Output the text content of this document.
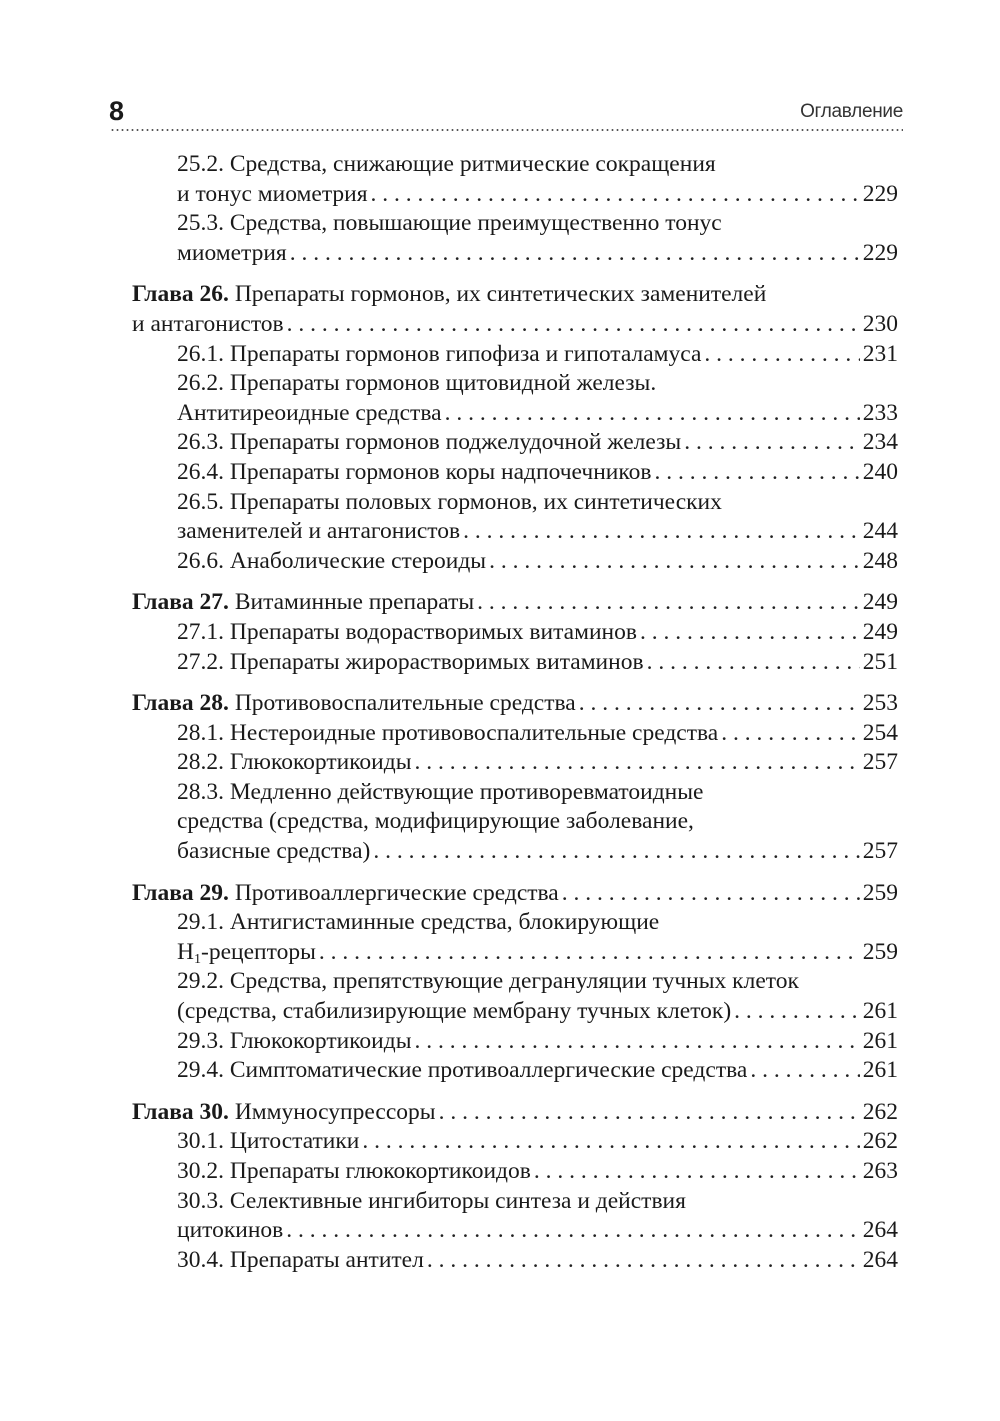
8	Оглавление
25.2. Средства, снижающие ритмические сокращения
и тонус миометрия . . .	229
25.3. Средства, повышающие преимущественно тонус
миометрия . . .	229
Глава 26. Препараты гормонов, их синтетических заменителей
и антагонистов . . .	230
26.1. Препараты гормонов гипофиза и гипоталамуса . . .	231
26.2. Препараты гормонов щитовидной железы.
Антитиреоидные средства . . .	233
26.3. Препараты гормонов поджелудочной железы . . .	234
26.4. Препараты гормонов коры надпочечников . . .	240
26.5. Препараты половых гормонов, их синтетических
заменителей и антагонистов . . .	244
26.6. Анаболические стероиды . . .	248
Глава 27. Витаминные препараты . . .	249
27.1. Препараты водорастворимых витаминов . . .	249
27.2. Препараты жирорастворимых витаминов . . .	251
Глава 28. Противовоспалительные средства . . .	253
28.1. Нестероидные противовоспалительные средства . . .	254
28.2. Глюкокортикоиды . . .	257
28.3. Медленно действующие противоревматоидные
средства (средства, модифицирующие заболевание,
базисные средства) . . .	257
Глава 29. Противоаллергические средства . . .	259
29.1. Антигистаминные средства, блокирующие
$H_1$-рецепторы . . .	259
29.2. Средства, препятствующие дегрануляции тучных клеток
(средства, стабилизирующие мембрану тучных клеток) . . .	261
29.3. Глюкокортикоиды . . .	261
29.4. Симптоматические противоаллергические средства . . .	261
Глава 30. Иммуносупрессоры . . .	262
30.1. Цитостатики . . .	262
30.2. Препараты глюкокортикоидов . . .	263
30.3. Селективные ингибиторы синтеза и действия
цитокинов . . .	264
30.4. Препараты антител . . .	264
